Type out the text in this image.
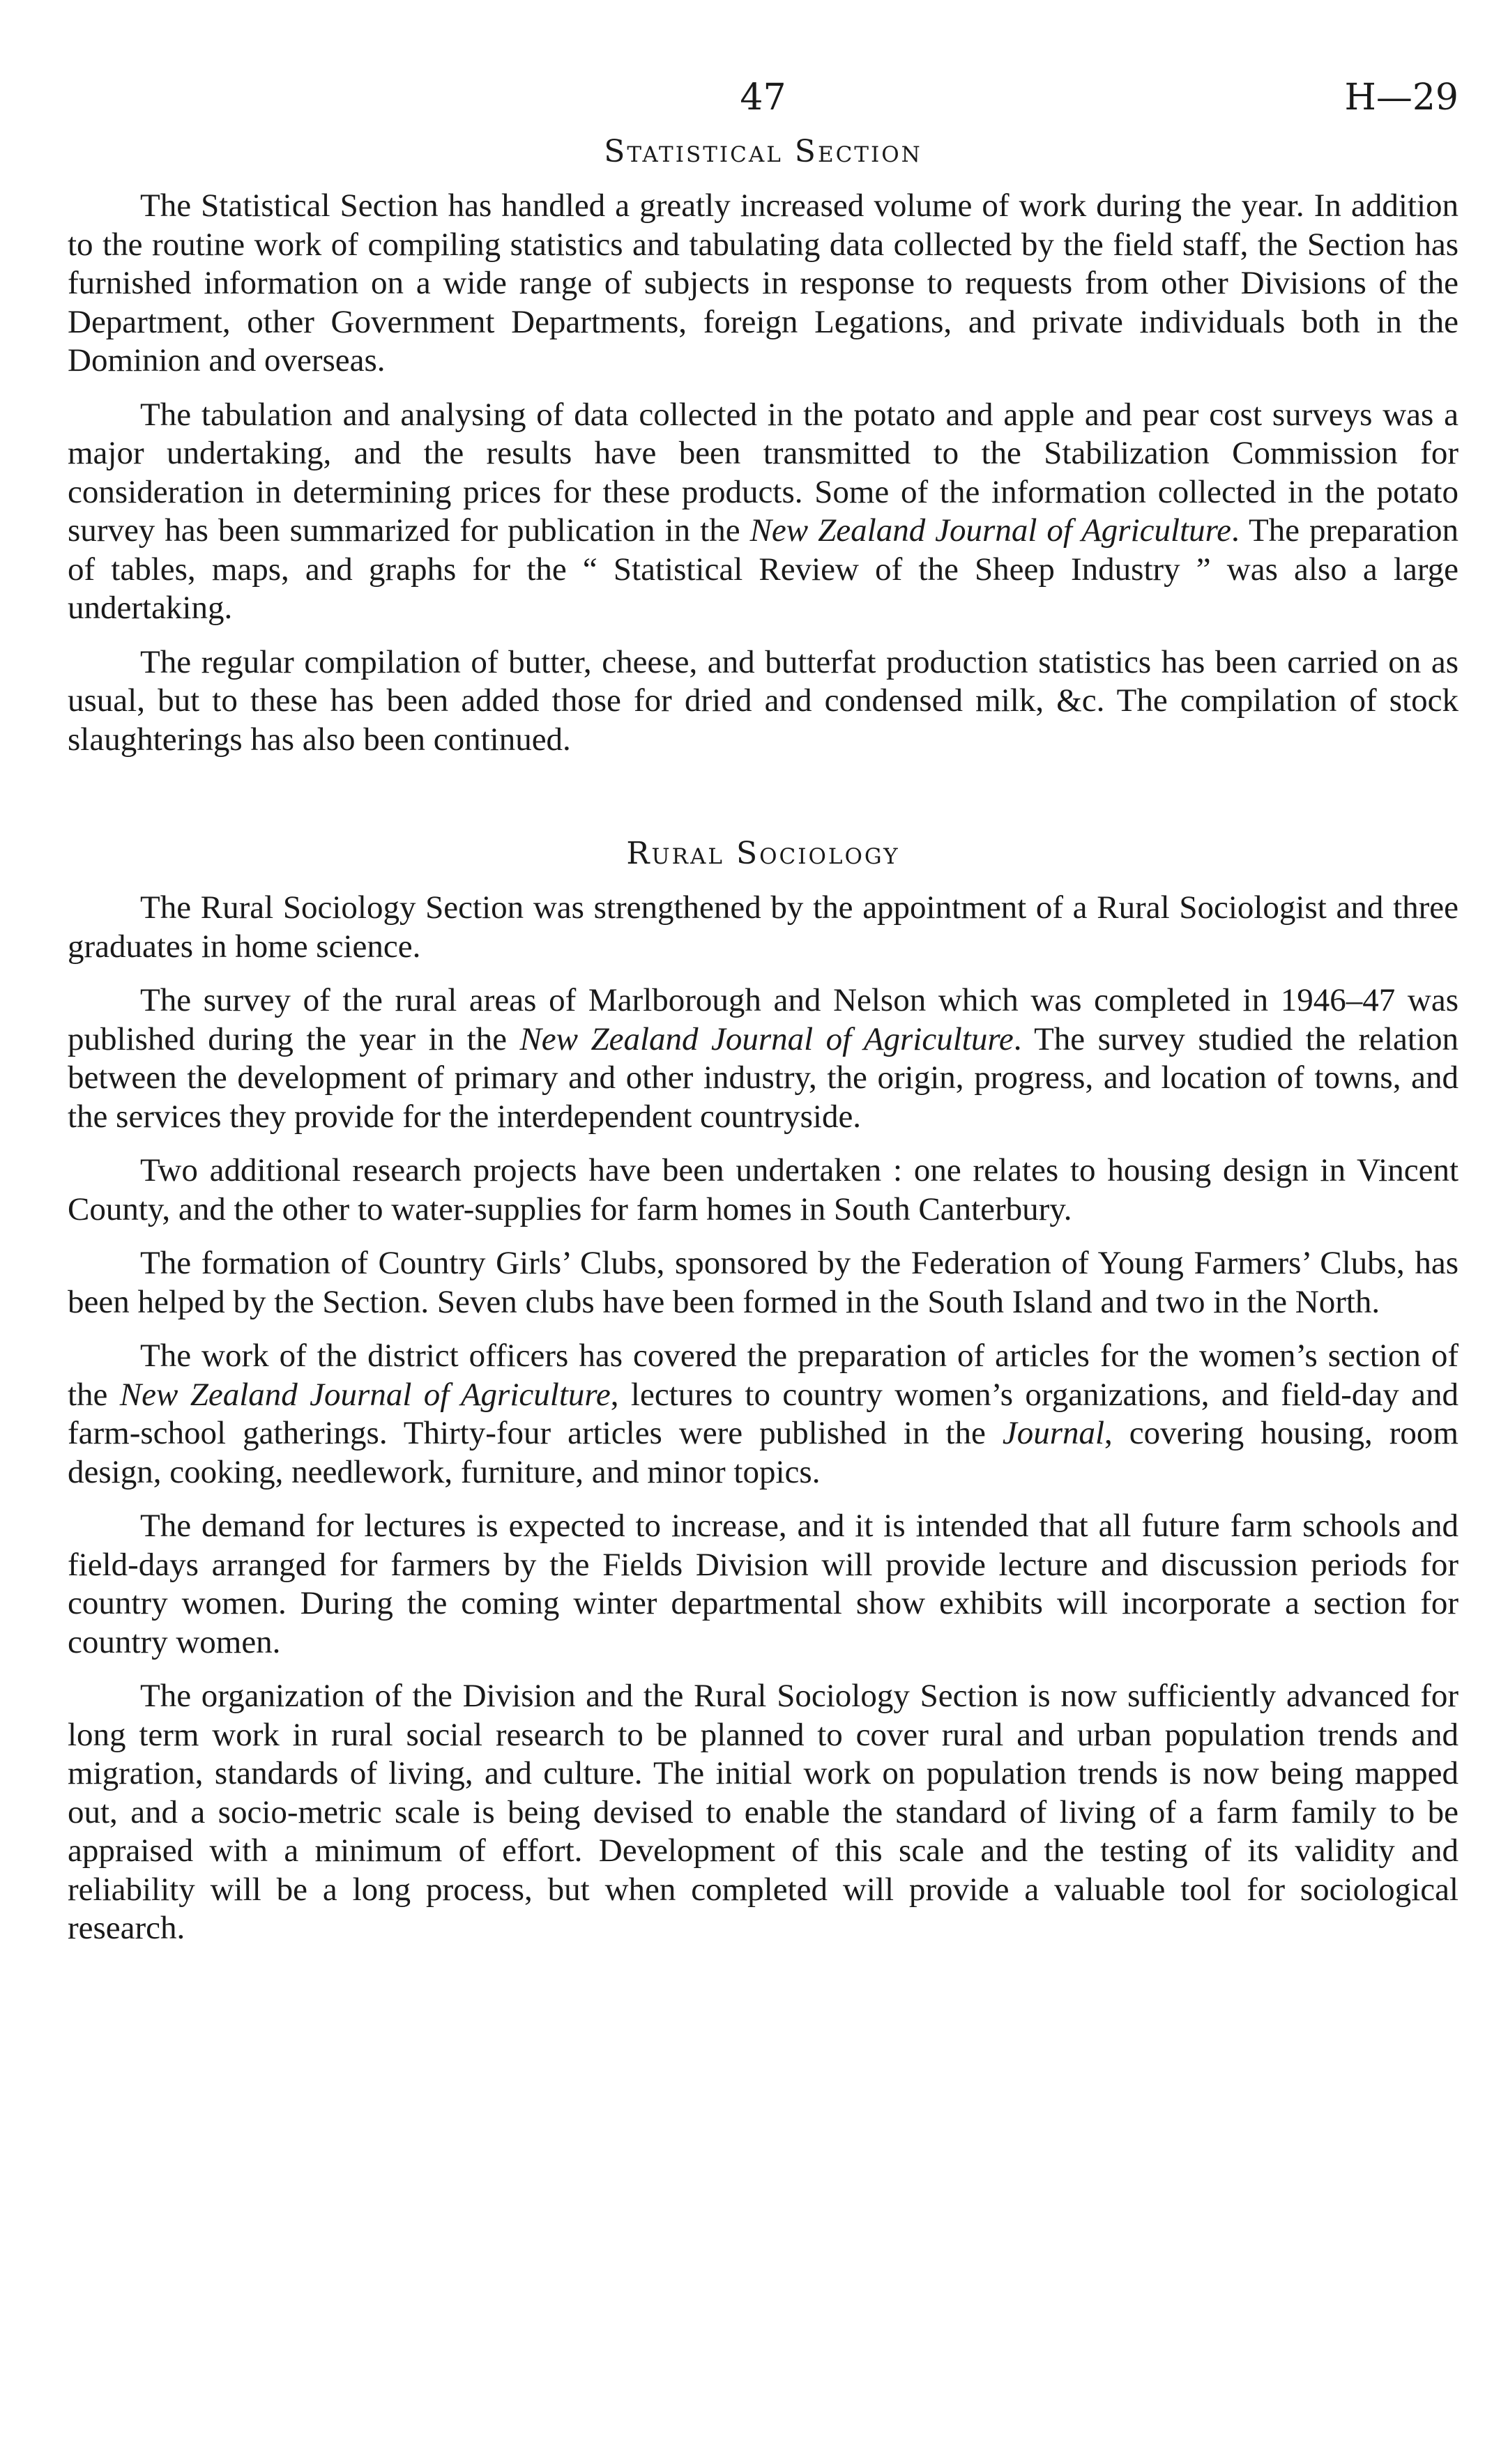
47	H—29
Statistical Section

The Statistical Section has handled a greatly increased volume of work during the year. In addition to the routine work of compiling statistics and tabulating data collected by the field staff, the Section has furnished information on a wide range of subjects in response to requests from other Divisions of the Department, other Government Departments, foreign Legations, and private individuals both in the Dominion and overseas.

The tabulation and analysing of data collected in the potato and apple and pear cost surveys was a major undertaking, and the results have been transmitted to the Stabilization Commission for consideration in determining prices for these products. Some of the information collected in the potato survey has been summarized for publication in the New Zealand Journal of Agriculture. The preparation of tables, maps, and graphs for the “ Statistical Review of the Sheep Industry ” was also a large undertaking.

The regular compilation of butter, cheese, and butterfat production statistics has been carried on as usual, but to these has been added those for dried and condensed milk, &c. The compilation of stock slaughterings has also been continued.

Rural Sociology

The Rural Sociology Section was strengthened by the appointment of a Rural Sociologist and three graduates in home science.

The survey of the rural areas of Marlborough and Nelson which was completed in 1946–47 was published during the year in the New Zealand Journal of Agriculture. The survey studied the relation between the development of primary and other industry, the origin, progress, and location of towns, and the services they provide for the interdependent countryside.

Two additional research projects have been undertaken : one relates to housing design in Vincent County, and the other to water-supplies for farm homes in South Canterbury.

The formation of Country Girls’ Clubs, sponsored by the Federation of Young Farmers’ Clubs, has been helped by the Section. Seven clubs have been formed in the South Island and two in the North.

The work of the district officers has covered the preparation of articles for the women’s section of the New Zealand Journal of Agriculture, lectures to country women’s organizations, and field-day and farm-school gatherings. Thirty-four articles were published in the Journal, covering housing, room design, cooking, needlework, furniture, and minor topics.

The demand for lectures is expected to increase, and it is intended that all future farm schools and field-days arranged for farmers by the Fields Division will provide lecture and discussion periods for country women. During the coming winter departmental show exhibits will incorporate a section for country women.

The organization of the Division and the Rural Sociology Section is now sufficiently advanced for long term work in rural social research to be planned to cover rural and urban population trends and migration, standards of living, and culture. The initial work on population trends is now being mapped out, and a socio-metric scale is being devised to enable the standard of living of a farm family to be appraised with a minimum of effort. Development of this scale and the testing of its validity and reliability will be a long process, but when completed will provide a valuable tool for sociological research.
